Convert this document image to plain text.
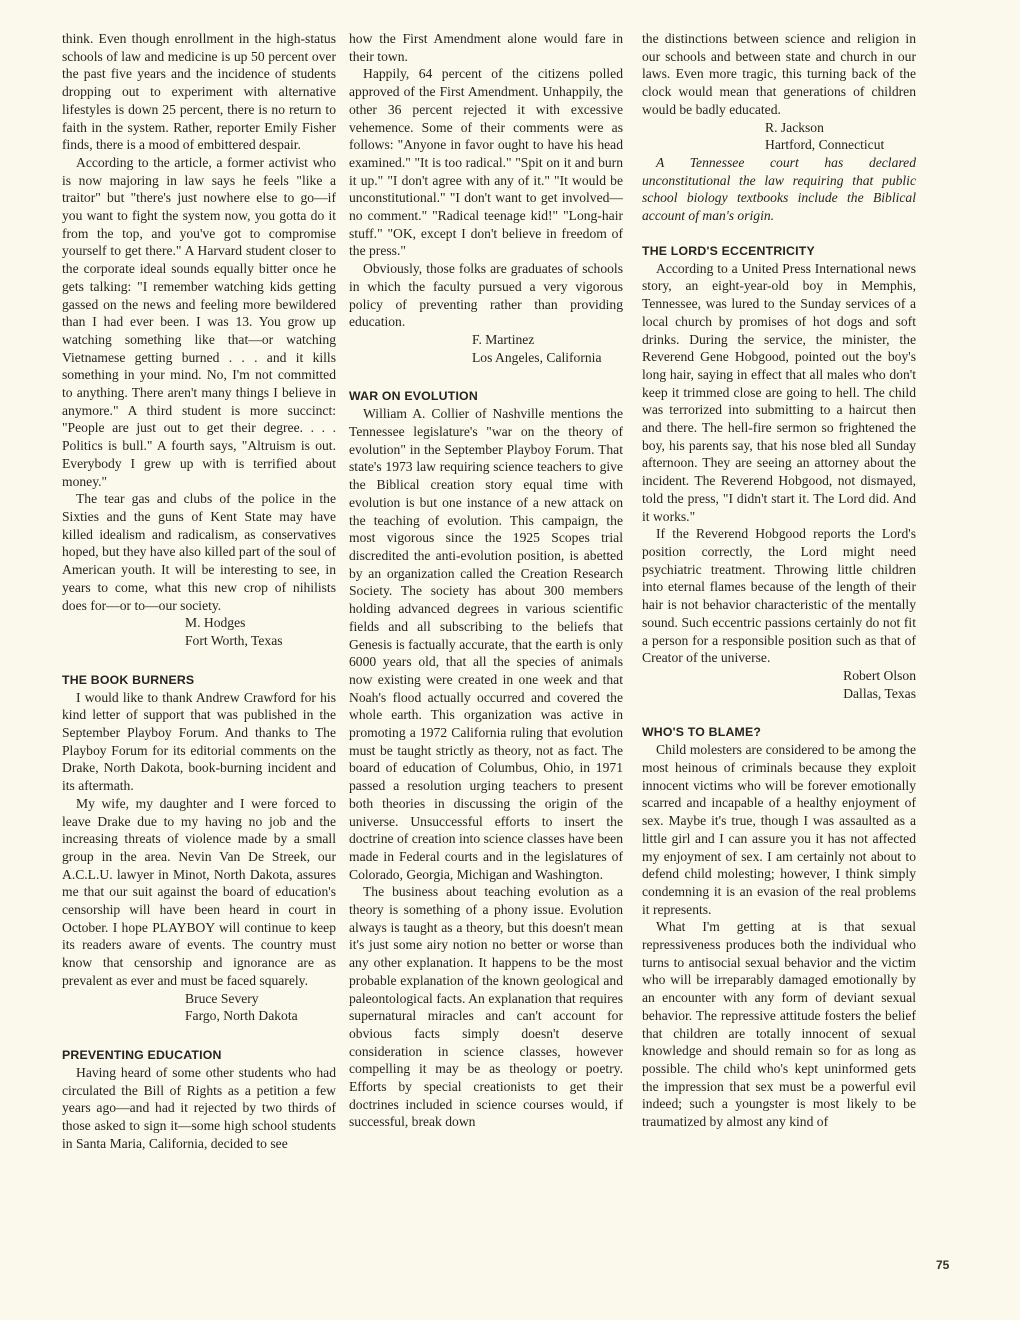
think. Even though enrollment in the high-status schools of law and medicine is up 50 percent over the past five years and the incidence of students dropping out to experiment with alternative lifestyles is down 25 percent, there is no return to faith in the system. Rather, reporter Emily Fisher finds, there is a mood of embittered despair.

According to the article, a former activist who is now majoring in law says he feels "like a traitor" but "there's just nowhere else to go—if you want to fight the system now, you gotta do it from the top, and you've got to compromise yourself to get there." A Harvard student closer to the corporate ideal sounds equally bitter once he gets talking: "I remember watching kids getting gassed on the news and feeling more bewildered than I had ever been. I was 13. You grow up watching something like that—or watching Vietnamese getting burned . . . and it kills something in your mind. No, I'm not committed to anything. There aren't many things I believe in anymore." A third student is more succinct: "People are just out to get their degree. . . . Politics is bull." A fourth says, "Altruism is out. Everybody I grew up with is terrified about money."

The tear gas and clubs of the police in the Sixties and the guns of Kent State may have killed idealism and radicalism, as conservatives hoped, but they have also killed part of the soul of American youth. It will be interesting to see, in years to come, what this new crop of nihilists does for—or to—our society.

M. Hodges
Fort Worth, Texas
THE BOOK BURNERS

I would like to thank Andrew Crawford for his kind letter of support that was published in the September Playboy Forum. And thanks to The Playboy Forum for its editorial comments on the Drake, North Dakota, book-burning incident and its aftermath.

My wife, my daughter and I were forced to leave Drake due to my having no job and the increasing threats of violence made by a small group in the area. Nevin Van De Streek, our A.C.L.U. lawyer in Minot, North Dakota, assures me that our suit against the board of education's censorship will have been heard in court in October. I hope PLAYBOY will continue to keep its readers aware of events. The country must know that censorship and ignorance are as prevalent as ever and must be faced squarely.

Bruce Severy
Fargo, North Dakota
PREVENTING EDUCATION

Having heard of some other students who had circulated the Bill of Rights as a petition a few years ago—and had it rejected by two thirds of those asked to sign it—some high school students in Santa Maria, California, decided to see

how the First Amendment alone would fare in their town.

Happily, 64 percent of the citizens polled approved of the First Amendment. Unhappily, the other 36 percent rejected it with excessive vehemence. Some of their comments were as follows: "Anyone in favor ought to have his head examined." "It is too radical." "Spit on it and burn it up." "I don't agree with any of it." "It would be unconstitutional." "I don't want to get involved—no comment." "Radical teenage kid!" "Long-hair stuff." "OK, except I don't believe in freedom of the press."

Obviously, those folks are graduates of schools in which the faculty pursued a very vigorous policy of preventing rather than providing education.

F. Martinez
Los Angeles, California
WAR ON EVOLUTION

William A. Collier of Nashville mentions the Tennessee legislature's "war on the theory of evolution" in the September Playboy Forum. That state's 1973 law requiring science teachers to give the Biblical creation story equal time with evolution is but one instance of a new attack on the teaching of evolution. This campaign, the most vigorous since the 1925 Scopes trial discredited the anti-evolution position, is abetted by an organization called the Creation Research Society. The society has about 300 members holding advanced degrees in various scientific fields and all subscribing to the beliefs that Genesis is factually accurate, that the earth is only 6000 years old, that all the species of animals now existing were created in one week and that Noah's flood actually occurred and covered the whole earth. This organization was active in promoting a 1972 California ruling that evolution must be taught strictly as theory, not as fact. The board of education of Columbus, Ohio, in 1971 passed a resolution urging teachers to present both theories in discussing the origin of the universe. Unsuccessful efforts to insert the doctrine of creation into science classes have been made in Federal courts and in the legislatures of Colorado, Georgia, Michigan and Washington.

The business about teaching evolution as a theory is something of a phony issue. Evolution always is taught as a theory, but this doesn't mean it's just some airy notion no better or worse than any other explanation. It happens to be the most probable explanation of the known geological and paleontological facts. An explanation that requires supernatural miracles and can't account for obvious facts simply doesn't deserve consideration in science classes, however compelling it may be as theology or poetry. Efforts by special creationists to get their doctrines included in science courses would, if successful, break down

the distinctions between science and religion in our schools and between state and church in our laws. Even more tragic, this turning back of the clock would mean that generations of children would be badly educated.

R. Jackson
Hartford, Connecticut

A Tennessee court has declared unconstitutional the law requiring that public school biology textbooks include the Biblical account of man's origin.

THE LORD'S ECCENTRICITY

According to a United Press International news story, an eight-year-old boy in Memphis, Tennessee, was lured to the Sunday services of a local church by promises of hot dogs and soft drinks. During the service, the minister, the Reverend Gene Hobgood, pointed out the boy's long hair, saying in effect that all males who don't keep it trimmed close are going to hell. The child was terrorized into submitting to a haircut then and there. The hell-fire sermon so frightened the boy, his parents say, that his nose bled all Sunday afternoon. They are seeing an attorney about the incident. The Reverend Hobgood, not dismayed, told the press, "I didn't start it. The Lord did. And it works."

If the Reverend Hobgood reports the Lord's position correctly, the Lord might need psychiatric treatment. Throwing little children into eternal flames because of the length of their hair is not behavior characteristic of the mentally sound. Such eccentric passions certainly do not fit a person for a responsible position such as that of Creator of the universe.

Robert Olson
Dallas, Texas
WHO'S TO BLAME?

Child molesters are considered to be among the most heinous of criminals because they exploit innocent victims who will be forever emotionally scarred and incapable of a healthy enjoyment of sex. Maybe it's true, though I was assaulted as a little girl and I can assure you it has not affected my enjoyment of sex. I am certainly not about to defend child molesting; however, I think simply condemning it is an evasion of the real problems it represents.

What I'm getting at is that sexual repressiveness produces both the individual who turns to antisocial sexual behavior and the victim who will be irreparably damaged emotionally by an encounter with any form of deviant sexual behavior. The repressive attitude fosters the belief that children are totally innocent of sexual knowledge and should remain so for as long as possible. The child who's kept uninformed gets the impression that sex must be a powerful evil indeed; such a youngster is most likely to be traumatized by almost any kind of

75
